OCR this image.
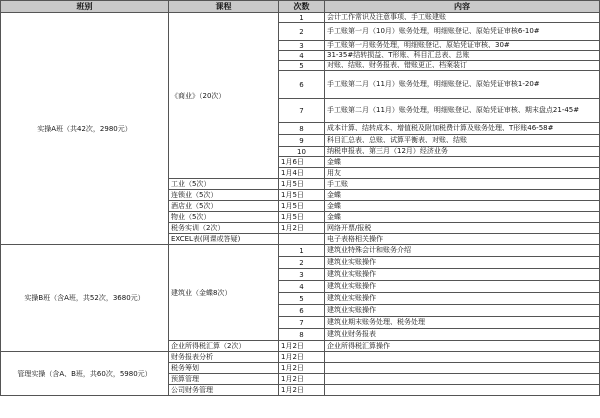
班别	课程	次数	内容
实操A班（共42次，2980元）	《商业》（20次）	1	会计工作常识及注意事项、手工账建账
		2	手工账第一月（10月）账务处理，明细账登记、原始凭证审核6-10#
		3	手工账第一月账务处理，明细账登记、原始凭证审核、30#
		4	31-35#结转损益、T形账、科目汇总表、总账
		5	对账、结账、财务报表、错账更正、档案装订
		6	手工账第二月（11月）账务处理，明细账登记、原始凭证审核1-20#
		7	手工账第二月（11月）账务处理，明细账登记、原始凭证审核、期末盘点21-45#
		8	成本计算、结转成本、增值税及附加税费计算及账务处理、T形账46-58#
		9	科目汇总表、总账、试算平衡表、对账、结账
		10	纳税申报表、第三月（12月）经济业务
		1月6日	金蝶
		1月4日	用友
	工业（5次）	1月5日	手工账
	连锁业（5次）	1月5日	金蝶
	酒店业（5次）	1月5日	金蝶
	物业（5次）	1月5日	金蝶
	税务实训（2次）	1月2日	网络开票/报税
	EXCEL表(网课或答疑)		电子表格相关操作
实操B班（含A班，共52次，3680元）	建筑业（金蝶8次）	1	建筑业特殊会计和账务介绍
		2	建筑业实账操作
		3	建筑业实账操作
		4	建筑业实账操作
		5	建筑业实账操作
		6	建筑业实账操作
		7	建筑业期末账务处理、税务处理
		8	建筑业财务报表
	企业所得税汇算（2次）	1月2日	企业所得税汇算操作
管理实操（含A、B班，共60次，5980元）	财务报表分析	1月2日	
	税务筹划	1月2日	
	预算管理	1月2日	
	公司财务管理	1月2日	
